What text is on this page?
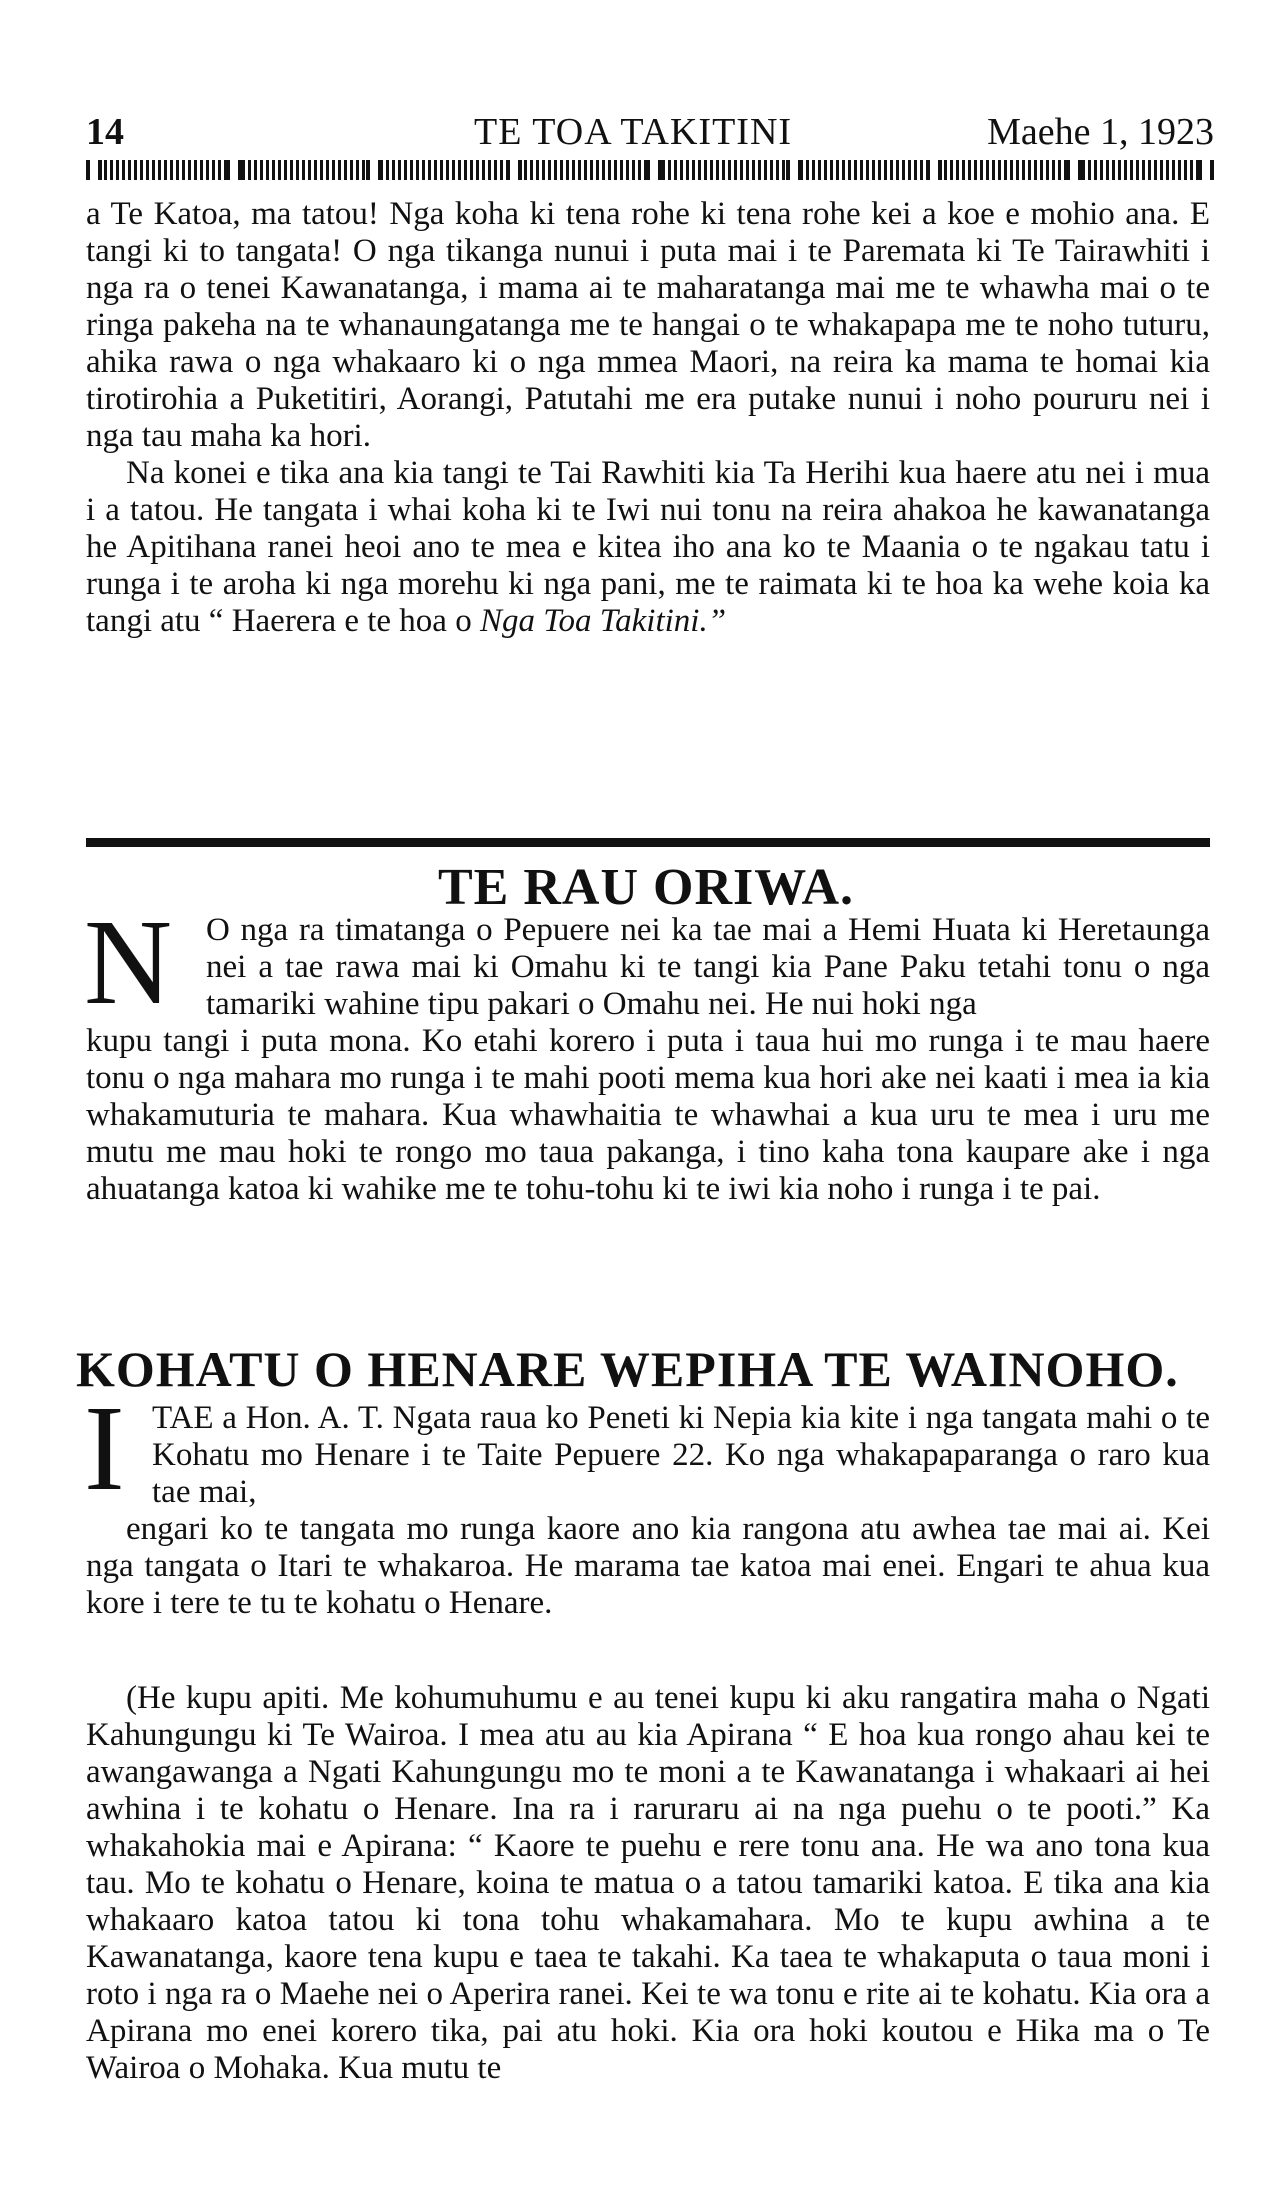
14	TE TOA TAKITINI	Maehe 1, 1923

a Te Katoa, ma tatou! Nga koha ki tena rohe ki tena rohe kei a koe e mohio ana. E tangi ki to tangata! O nga tikanga nunui i puta mai i te Paremata ki Te Tairawhiti i nga ra o tenei Kawanatanga, i mama ai te maharatanga mai me te whawha mai o te ringa pakeha na te whanaungatanga me te hangai o te whakapapa me te noho tuturu, ahika rawa o nga whakaaro ki o nga mmea Maori, na reira ka mama te homai kia tirotirohia a Puketitiri, Aorangi, Patutahi me era putake nunui i noho poururu nei i nga tau maha ka hori.

Na konei e tika ana kia tangi te Tai Rawhiti kia Ta Herihi kua haere atu nei i mua i a tatou. He tangata i whai koha ki te Iwi nui tonu na reira ahakoa he kawanatanga he Apitihana ranei heoi ano te mea e kitea iho ana ko te Maania o te ngakau tatu i runga i te aroha ki nga morehu ki nga pani, me te raimata ki te hoa ka wehe koia ka tangi atu “ Haerera e te hoa o Nga Toa Takitini.”

TE RAU ORIWA.
N	O nga ra timatanga o Pepuere nei ka tae mai a Hemi Huata ki Heretaunga nei a tae rawa mai ki Omahu ki te tangi kia Pane Paku tetahi tonu o nga tamariki wahine tipu pakari o Omahu nei. He nui hoki nga

kupu tangi i puta mona. Ko etahi korero i puta i taua hui mo runga i te mau haere tonu o nga mahara mo runga i te mahi pooti mema kua hori ake nei kaati i mea ia kia whakamuturia te mahara. Kua whawhaitia te whawhai a kua uru te mea i uru me mutu me mau hoki te rongo mo taua pakanga, i tino kaha tona kaupare ake i nga ahuatanga katoa ki wahike me te tohu-tohu ki te iwi kia noho i runga i te pai.

KOHATU O HENARE WEPIHA TE WAINOHO.
I TAE a Hon. A. T. Ngata raua ko Peneti ki Nepia kia kite i nga tangata mahi o te Kohatu mo Henare i te Taite Pepuere 22. Ko nga whakapaparanga o raro kua tae mai,

engari ko te tangata mo runga kaore ano kia rangona atu awhea tae mai ai. Kei nga tangata o Itari te whakaroa. He marama tae katoa mai enei. Engari te ahua kua kore i tere te tu te kohatu o Henare.

(He kupu apiti. Me kohumuhumu e au tenei kupu ki aku rangatira maha o Ngati Kahungungu ki Te Wairoa. I mea atu au kia Apirana “ E hoa kua rongo ahau kei te awangawanga a Ngati Kahungungu mo te moni a te Kawanatanga i whakaari ai hei awhina i te kohatu o Henare. Ina ra i raruraru ai na nga puehu o te pooti.” Ka whakahokia mai e Apirana: “ Kaore te puehu e rere tonu ana. He wa ano tona kua tau. Mo te kohatu o Henare, koina te matua o a tatou tamariki katoa. E tika ana kia whakaaro katoa tatou ki tona tohu whakamahara. Mo te kupu awhina a te Kawanatanga, kaore tena kupu e taea te takahi. Ka taea te whakaputa o taua moni i roto i nga ra o Maehe nei o Aperira ranei. Kei te wa tonu e rite ai te kohatu. Kia ora a Apirana mo enei korero tika, pai atu hoki. Kia ora hoki koutou e Hika ma o Te Wairoa o Mohaka. Kua mutu te
